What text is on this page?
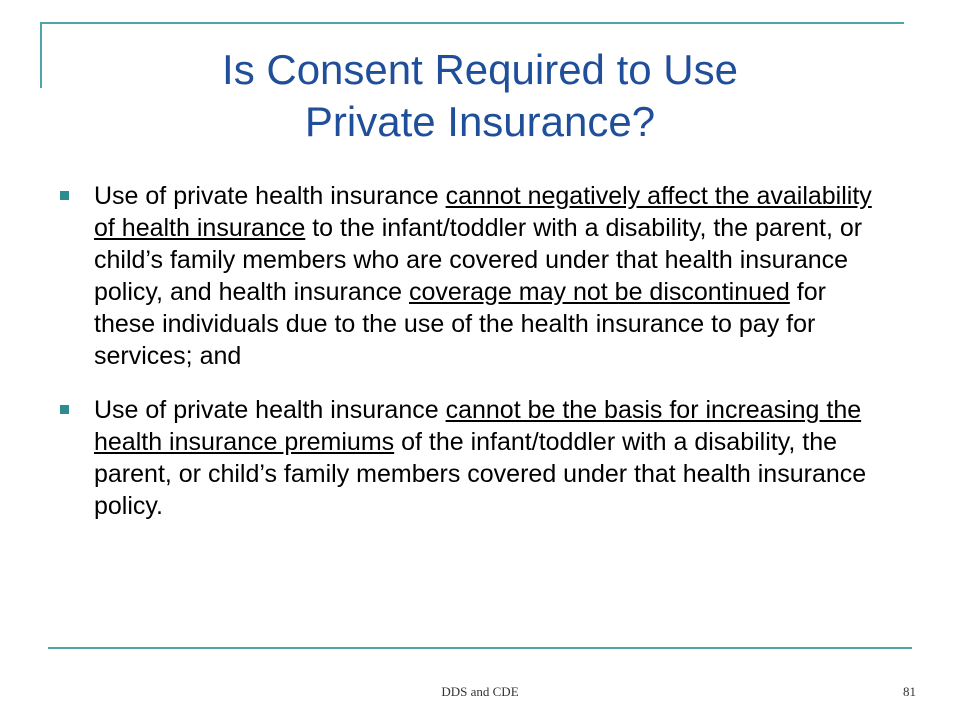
Is Consent Required to Use
Private Insurance?
Use of private health insurance cannot negatively affect the availability of health insurance to the infant/toddler with a disability, the parent, or child’s family members who are covered under that health insurance policy, and health insurance coverage may not be discontinued for these individuals due to the use of the health insurance to pay for services; and
Use of private health insurance cannot be the basis for increasing the health insurance premiums of the infant/toddler with a disability, the parent, or child’s family members covered under that health insurance policy.
DDS and CDE	81
